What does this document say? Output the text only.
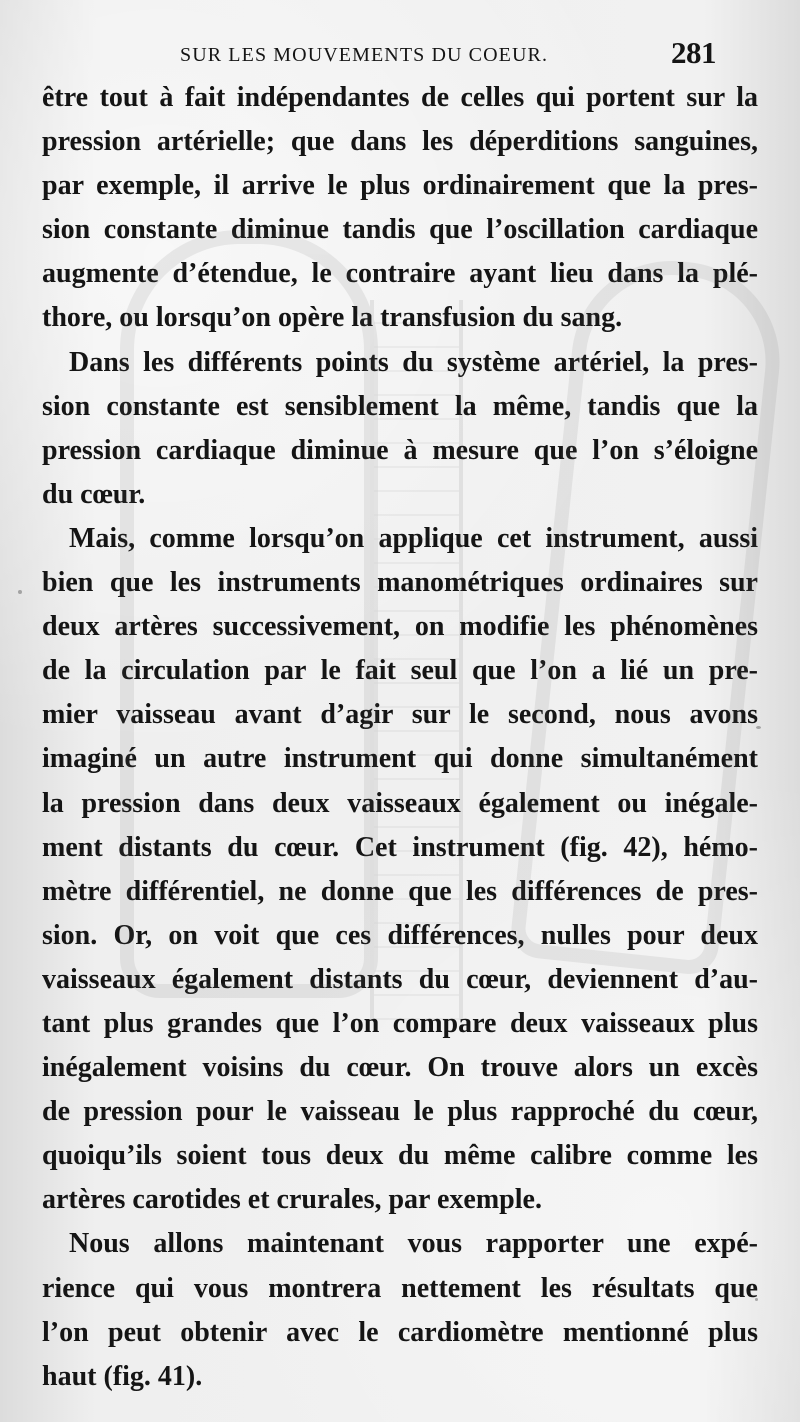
SUR LES MOUVEMENTS DU COEUR.	281

être tout à fait indépendantes de celles qui portent sur la
pression artérielle; que dans les déperditions sanguines,
par exemple, il arrive le plus ordinairement que la pres-
sion constante diminue tandis que l’oscillation cardiaque
augmente d’étendue, le contraire ayant lieu dans la plé-
thore, ou lorsqu’on opère la transfusion du sang.

Dans les différents points du système artériel, la pres-
sion constante est sensiblement la même, tandis que la
pression cardiaque diminue à mesure que l’on s’éloigne
du cœur.

Mais, comme lorsqu’on applique cet instrument, aussi
bien que les instruments manométriques ordinaires sur
deux artères successivement, on modifie les phénomènes
de la circulation par le fait seul que l’on a lié un pre-
mier vaisseau avant d’agir sur le second, nous avons
imaginé un autre instrument qui donne simultanément
la pression dans deux vaisseaux également ou inégale-
ment distants du cœur. Cet instrument (fig. 42), hémo-
mètre différentiel, ne donne que les différences de pres-
sion. Or, on voit que ces différences, nulles pour deux
vaisseaux également distants du cœur, deviennent d’au-
tant plus grandes que l’on compare deux vaisseaux plus
inégalement voisins du cœur. On trouve alors un excès
de pression pour le vaisseau le plus rapproché du cœur,
quoiqu’ils soient tous deux du même calibre comme les
artères carotides et crurales, par exemple.

Nous allons maintenant vous rapporter une expé-
rience qui vous montrera nettement les résultats que
l’on peut obtenir avec le cardiomètre mentionné plus
haut (fig. 41).
